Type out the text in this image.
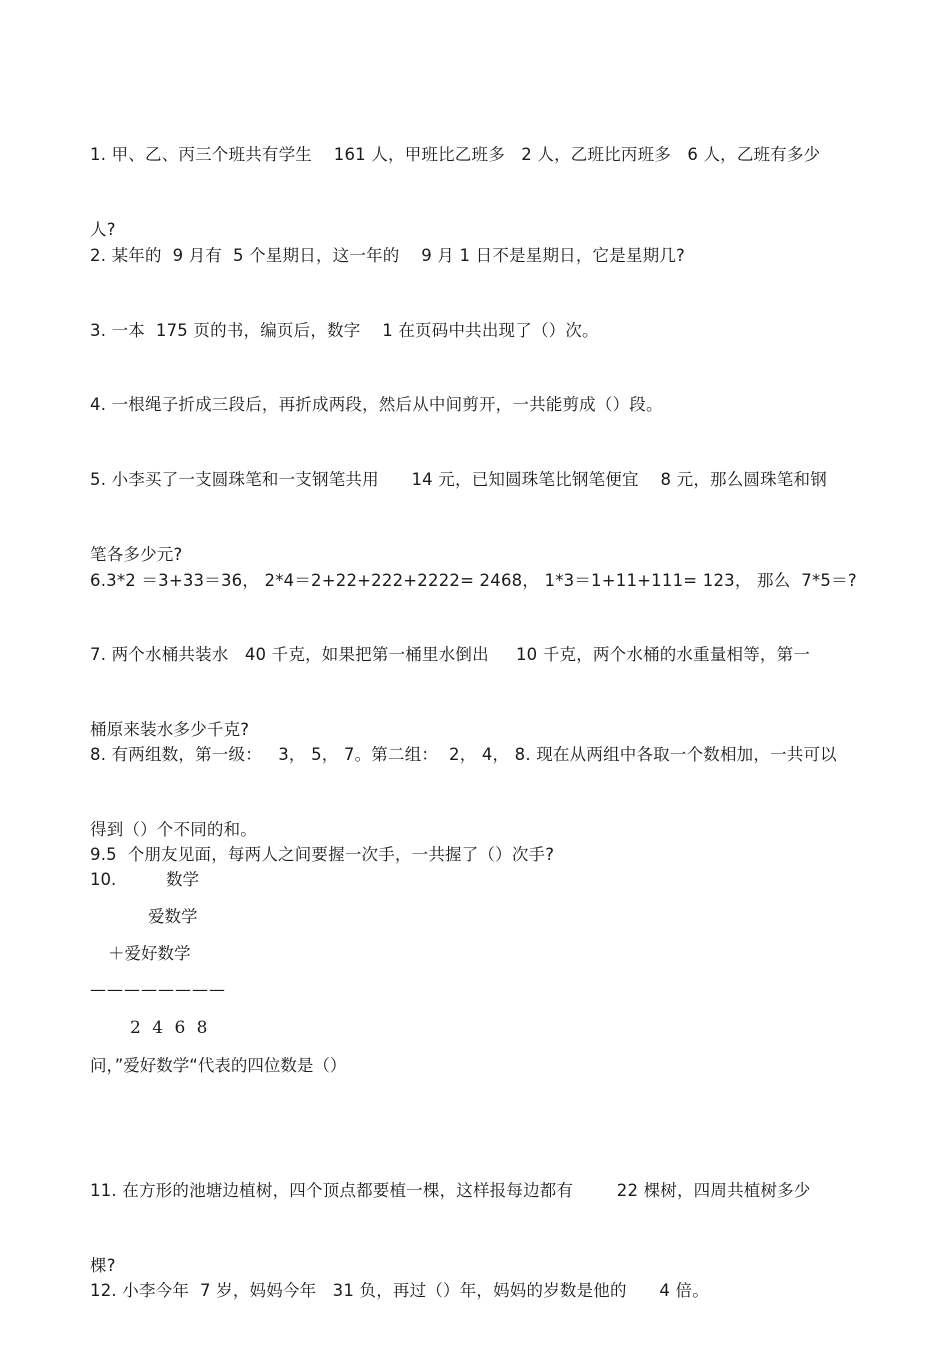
1. 甲、乙、丙三个班共有学生    161 人，甲班比乙班多   2 人，乙班比丙班多   6 人，乙班有多少

人?

2. 某年的  9 月有  5 个星期日，这一年的    9 月 1 日不是星期日，它是星期几?

3. 一本  175 页的书，编页后，数字    1 在页码中共出现了（）次。

4. 一根绳子折成三段后，再折成两段，然后从中间剪开，一共能剪成（）段。

5. 小李买了一支圆珠笔和一支钢笔共用      14 元，已知圆珠笔比钢笔便宜    8 元，那么圆珠笔和钢

笔各多少元?

6.3*2 ＝3+33＝36， 2*4＝2+22+222+2222= 2468， 1*3＝1+11+111= 123， 那么  7*5＝?

7. 两个水桶共装水   40 千克，如果把第一桶里水倒出     10 千克，两个水桶的水重量相等，第一

桶原来装水多少千克?

8. 有两组数，第一级：   3， 5， 7。第二组：  2， 4， 8. 现在从两组中各取一个数相加，一共可以

得到（）个不同的和。

9.5  个朋友见面，每两人之间要握一次手，一共握了（）次手?

10.	数学
爱数学
＋爱好数学
————————
2 4 6 8
问，”爱好数学“代表的四位数是（）

11. 在方形的池塘边植树，四个顶点都要植一棵，这样报每边都有        22 棵树，四周共植树多少

棵?

12. 小李今年  7 岁，妈妈今年   31 负，再过（）年，妈妈的岁数是他的      4 倍。
